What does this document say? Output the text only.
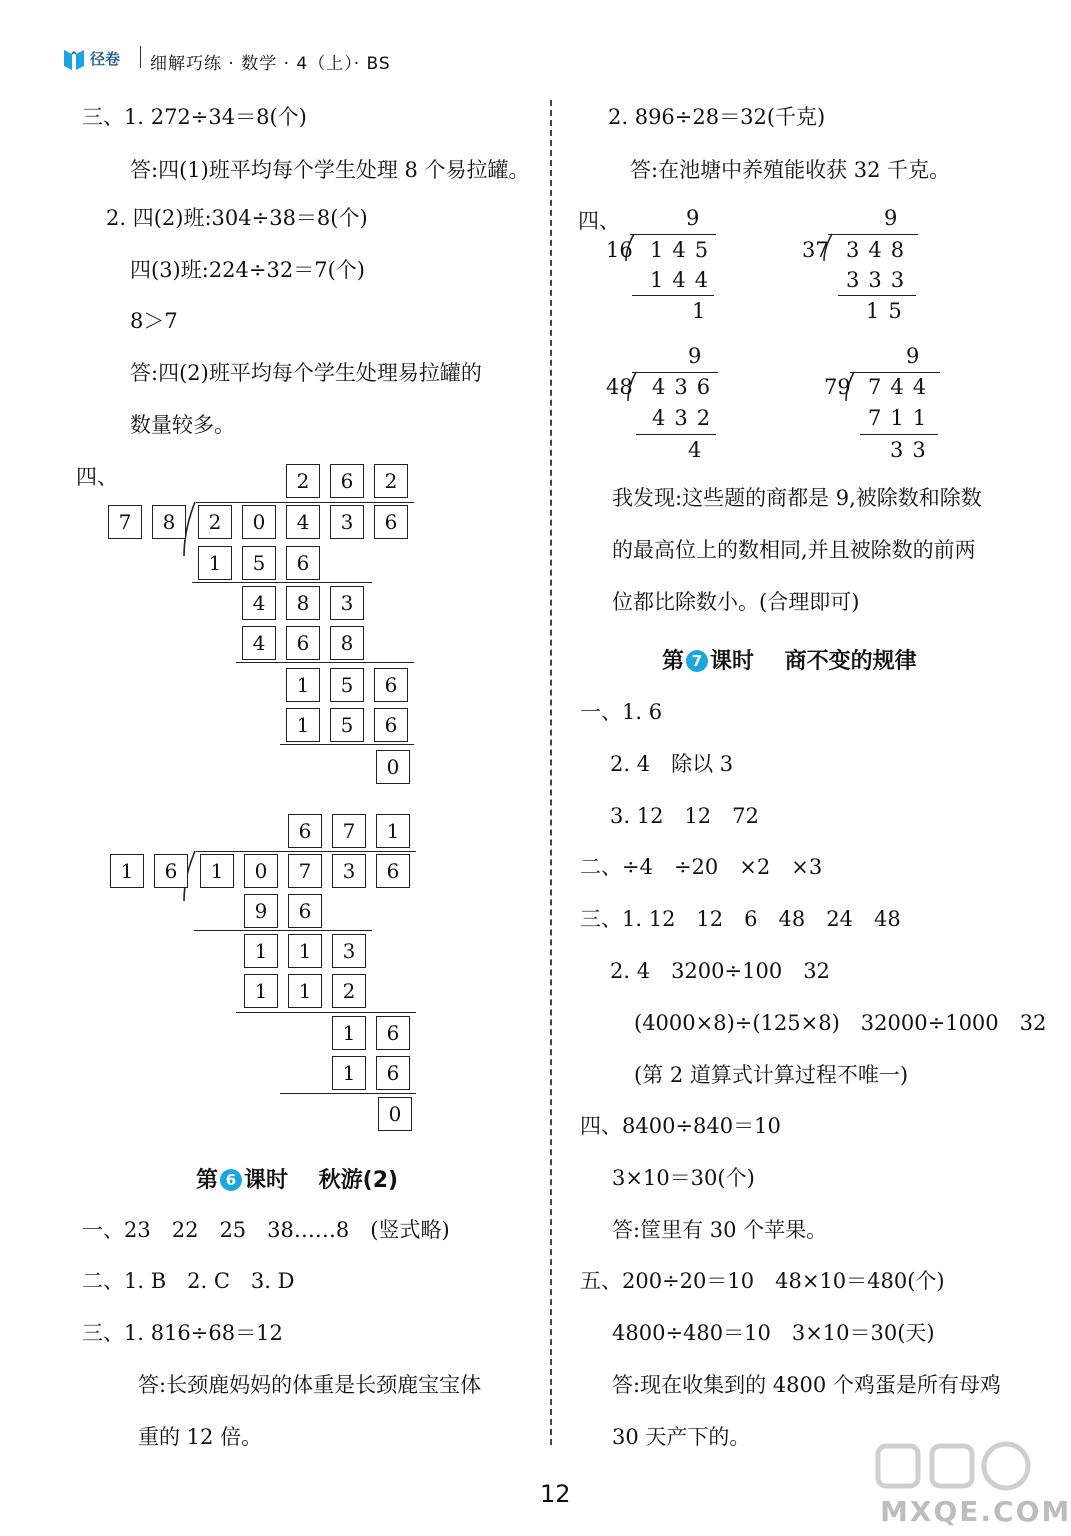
径卷 细解巧练 · 数学 · 4（上）· BS
三、1. 272÷34＝8(个)
答:四(1)班平均每个学生处理 8 个易拉罐。
2. 四(2)班:304÷38＝8(个)
四(3)班:224÷32＝7(个)
8＞7
答:四(2)班平均每个学生处理易拉罐的
数量较多。
四、	2	6	2
7	8	2	0	4	3	6
1	5	6
4	8	3
4	6	8
1	5	6
1	5	6
0
6	7	1
1	6	1	0	7	3	6
9	6
1	1	3
1	1	2
1	6
1	6
0
第 6 课时 秋游(2)
一、23　22　25　38……8　(竖式略)
二、1. B　2. C　3. D
三、1. 816÷68＝12
答:长颈鹿妈妈的体重是长颈鹿宝宝体
重的 12 倍。
2. 896÷28＝32(千克)
答:在池塘中养殖能收获 32 千克。
四、	9
16 145
144
1
9
37 348
333
15
9
48 436
432
4
9
79 744
711
33
我发现:这些题的商都是 9,被除数和除数
的最高位上的数相同,并且被除数的前两
位都比除数小。(合理即可)
第 7 课时 商不变的规律
一、1. 6
2. 4　除以 3
3. 12　12　72
二、÷4　÷20　×2　×3
三、1. 12　12　6　48　24　48
2. 4　3200÷100　32
(4000×8)÷(125×8)　32000÷1000　32
(第 2 道算式计算过程不唯一)
四、8400÷840＝10
3×10＝30(个)
答:筐里有 30 个苹果。
五、200÷20＝10　48×10＝480(个)
4800÷480＝10　3×10＝30(天)
答:现在收集到的 4800 个鸡蛋是所有母鸡
30 天产下的。
12
MXQE.COM
